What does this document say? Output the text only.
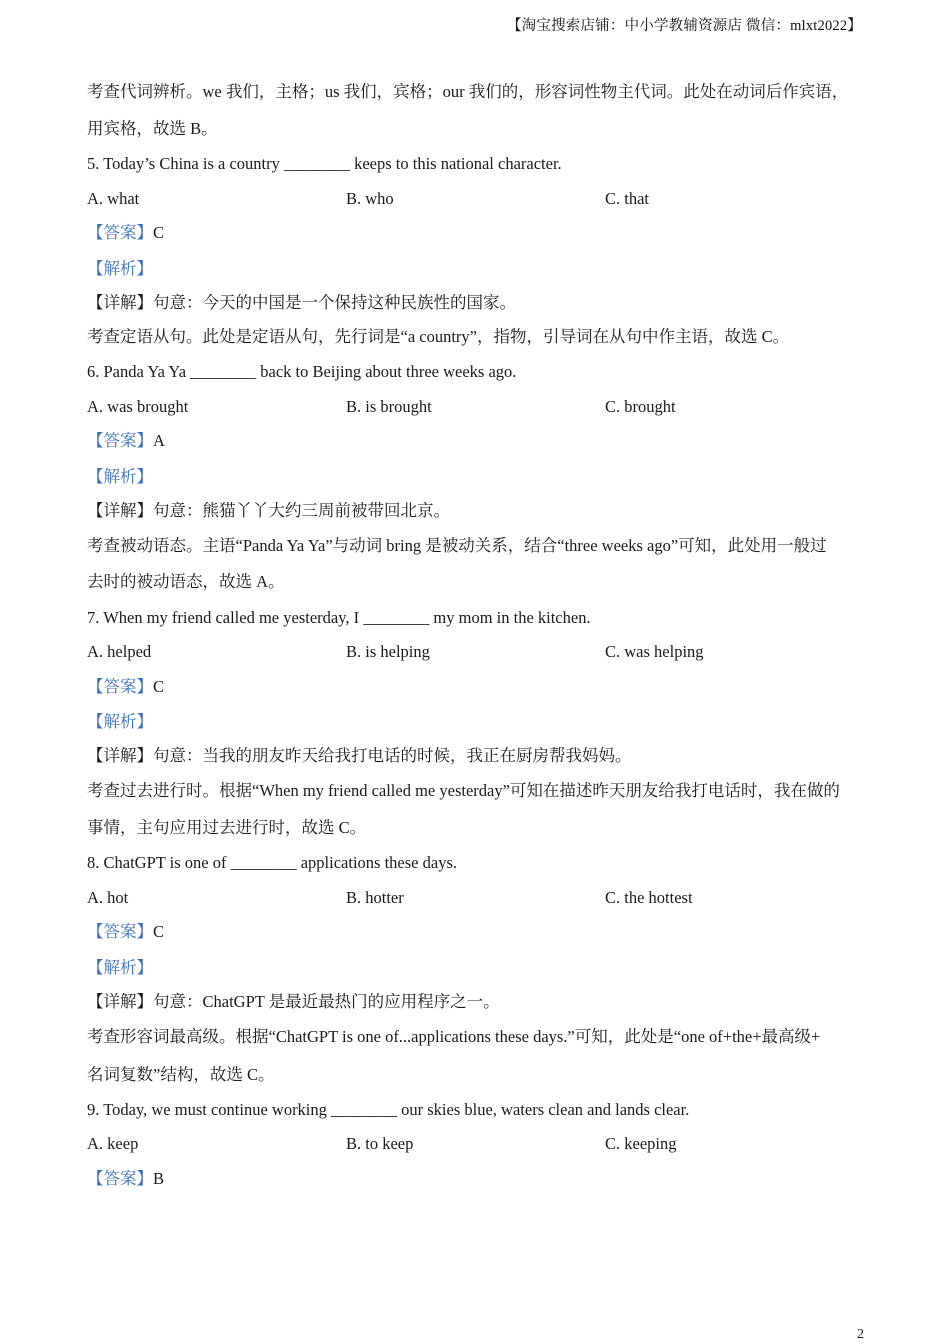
【淘宝搜索店铺：中小学教辅资源店 微信：mlxt2022】
考查代词辨析。we 我们，主格；us 我们，宾格；our 我们的，形容词性物主代词。此处在动词后作宾语，
用宾格，故选 B。
5. Today’s China is a country ________ keeps to this national character.
A. what	B. who	C. that
【答案】C
【解析】
【详解】句意：今天的中国是一个保持这种民族性的国家。
考查定语从句。此处是定语从句，先行词是“a country”，指物，引导词在从句中作主语，故选 C。
6. Panda Ya Ya ________ back to Beijing about three weeks ago.
A. was brought	B. is brought	C. brought
【答案】A
【解析】
【详解】句意：熊猫丫丫大约三周前被带回北京。
考查被动语态。主语“Panda Ya Ya”与动词 bring 是被动关系，结合“three weeks ago”可知，此处用一般过
去时的被动语态，故选 A。
7. When my friend called me yesterday, I ________ my mom in the kitchen.
A. helped	B. is helping	C. was helping
【答案】C
【解析】
【详解】句意：当我的朋友昨天给我打电话的时候，我正在厨房帮我妈妈。
考查过去进行时。根据“When my friend called me yesterday”可知在描述昨天朋友给我打电话时，我在做的
事情，主句应用过去进行时，故选 C。
8. ChatGPT is one of ________ applications these days.
A. hot	B. hotter	C. the hottest
【答案】C
【解析】
【详解】句意：ChatGPT 是最近最热门的应用程序之一。
考查形容词最高级。根据“ChatGPT is one of...applications these days.”可知，此处是“one of+the+最高级+
名词复数”结构，故选 C。
9. Today, we must continue working ________ our skies blue, waters clean and lands clear.
A. keep	B. to keep	C. keeping
【答案】B
2
